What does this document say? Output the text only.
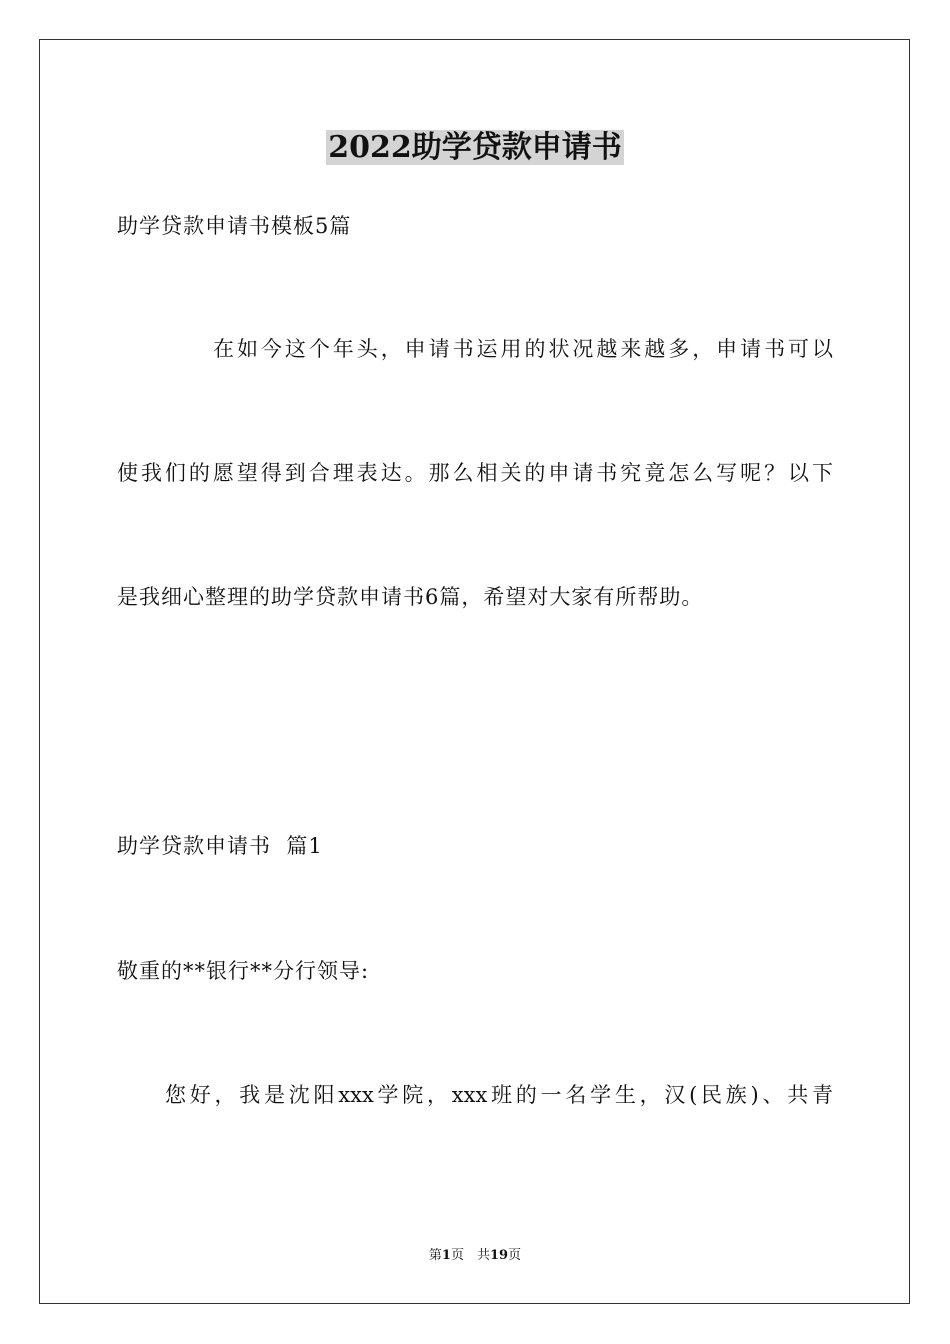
2022助学贷款申请书
助学贷款申请书模板5篇
在如今这个年头，申请书运用的状况越来越多，申请书可以
使我们的愿望得到合理表达。那么相关的申请书究竟怎么写呢？以下
是我细心整理的助学贷款申请书6篇，希望对大家有所帮助。
助学贷款申请书  篇1
敬重的**银行**分行领导:
您好，我是沈阳xxx学院，xxx班的一名学生，汉(民族)、共青
第1页　共19页
